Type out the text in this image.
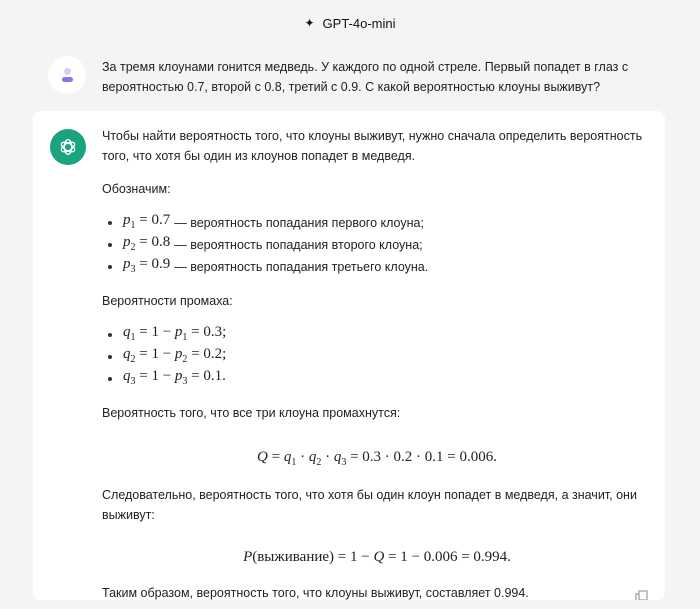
✦ GPT-4o-mini
За тремя клоунами гонится медведь. У каждого по одной стреле. Первый попадет в глаз с вероятностью 0.7, второй с 0.8, третий с 0.9. С какой вероятностью клоуны выживут?

Чтобы найти вероятность того, что клоуны выживут, нужно сначала определить вероятность того, что хотя бы один из клоунов попадет в медведя.

Обозначим:

$p_1 = 0.7$ — вероятность попадания первого клоуна;
$p_2 = 0.8$ — вероятность попадания второго клоуна;
$p_3 = 0.9$ — вероятность попадания третьего клоуна.

Вероятности промаха:

$q_1 = 1 - p_1 = 0.3$;
$q_2 = 1 - p_2 = 0.2$;
$q_3 = 1 - p_3 = 0.1$.

Вероятность того, что все три клоуна промахнутся:

$Q = q_1 \cdot q_2 \cdot q_3 = 0.3 \cdot 0.2 \cdot 0.1 = 0.006$.

Следовательно, вероятность того, что хотя бы один клоун попадет в медведя, а значит, они выживут:

P(выживание) = 1 − Q = 1 − 0.006 = 0.994.

Таким образом, вероятность того, что клоуны выживут, составляет 0.994.
